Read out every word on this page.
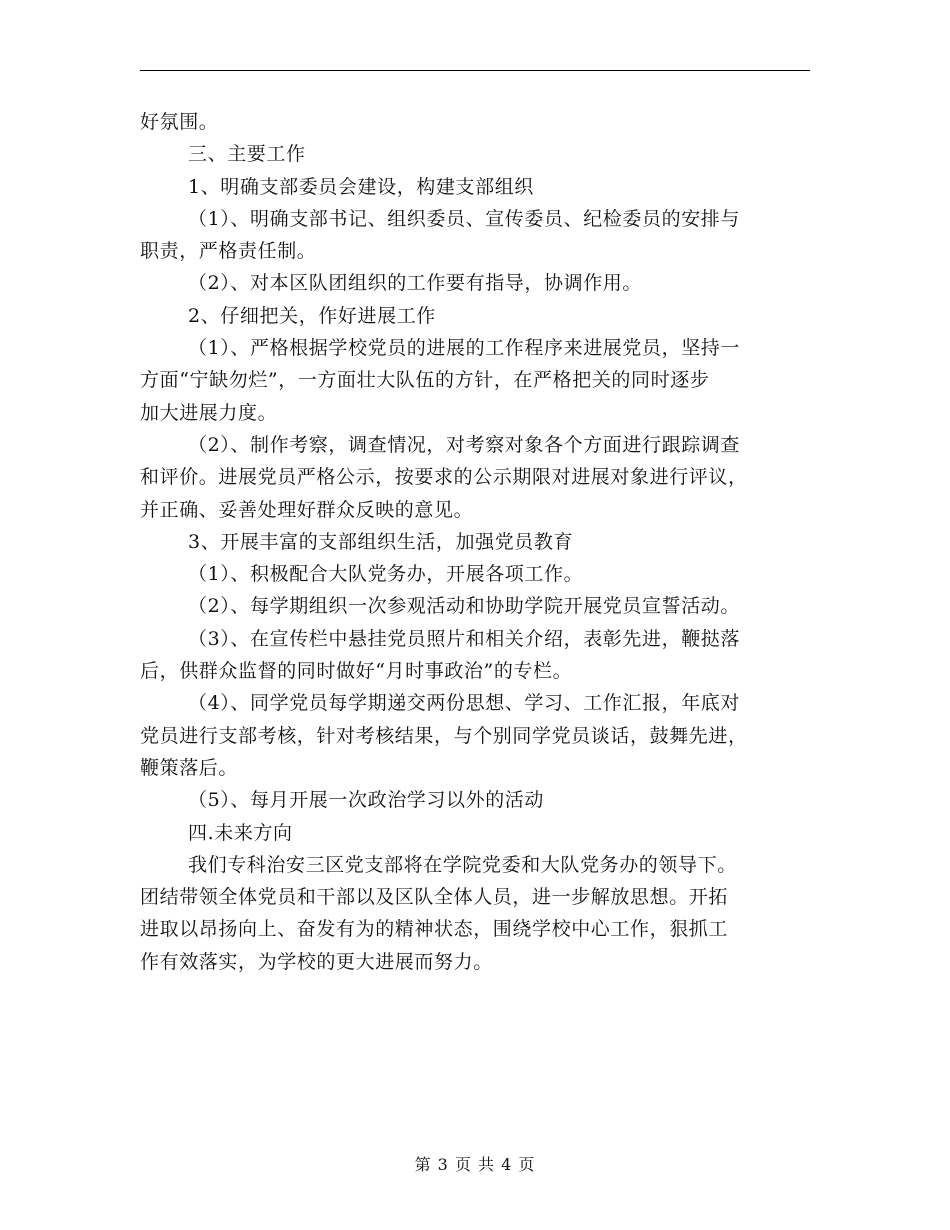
好氛围。
三、主要工作
1、明确支部委员会建设，构建支部组织
（1）、明确支部书记、组织委员、宣传委员、纪检委员的安排与
职责，严格责任制。
（2）、对本区队团组织的工作要有指导，协调作用。
2、仔细把关，作好进展工作
（1）、严格根据学校党员的进展的工作程序来进展党员，坚持一
方面“宁缺勿烂”，一方面壮大队伍的方针，在严格把关的同时逐步
加大进展力度。
（2）、制作考察，调查情况，对考察对象各个方面进行跟踪调查
和评价。进展党员严格公示，按要求的公示期限对进展对象进行评议，
并正确、妥善处理好群众反映的意见。
3、开展丰富的支部组织生活，加强党员教育
（1）、积极配合大队党务办，开展各项工作。
（2）、每学期组织一次参观活动和协助学院开展党员宣誓活动。
（3）、在宣传栏中悬挂党员照片和相关介绍，表彰先进，鞭挞落
后，供群众监督的同时做好“月时事政治”的专栏。
（4）、同学党员每学期递交两份思想、学习、工作汇报，年底对
党员进行支部考核，针对考核结果，与个别同学党员谈话，鼓舞先进，
鞭策落后。
（5）、每月开展一次政治学习以外的活动
四.未来方向
我们专科治安三区党支部将在学院党委和大队党务办的领导下。
团结带领全体党员和干部以及区队全体人员，进一步解放思想。开拓
进取以昂扬向上、奋发有为的精神状态，围绕学校中心工作，狠抓工
作有效落实，为学校的更大进展而努力。
第 3 页 共 4 页
